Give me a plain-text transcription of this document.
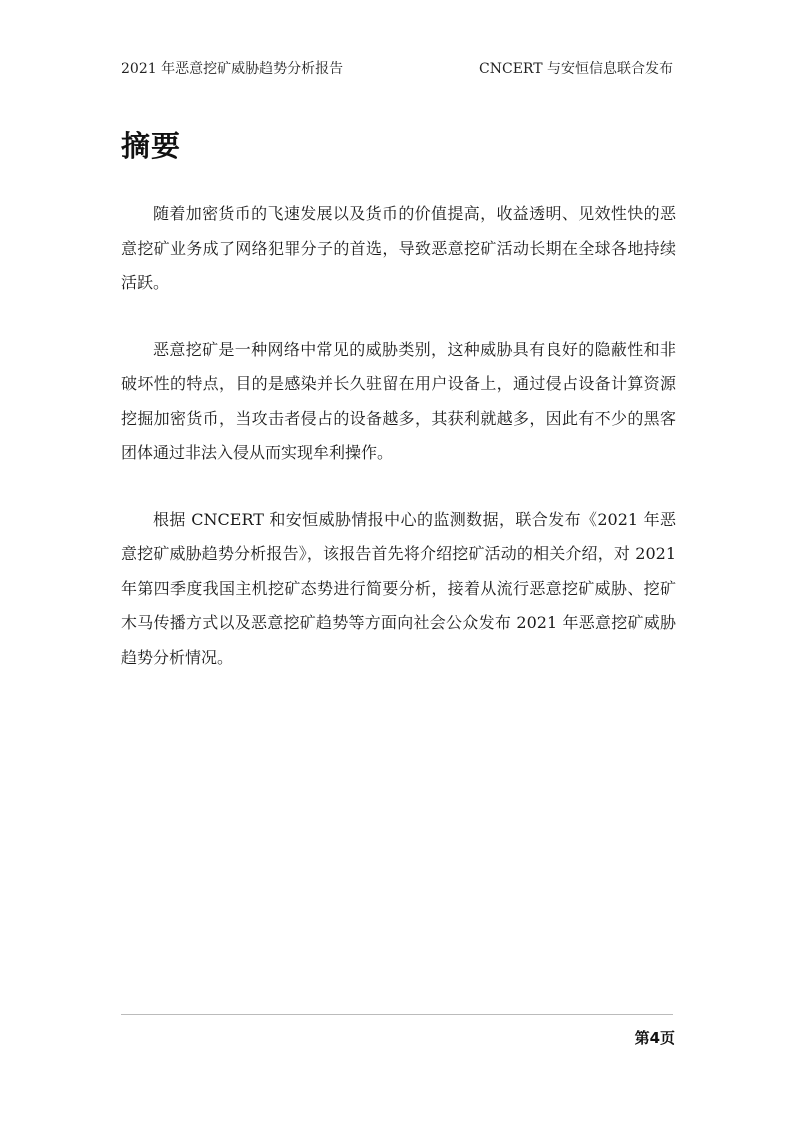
2021 年恶意挖矿威胁趋势分析报告	CNCERT 与安恒信息联合发布
摘要

随着加密货币的飞速发展以及货币的价值提高，收益透明、见效性快的恶意挖矿业务成了网络犯罪分子的首选，导致恶意挖矿活动长期在全球各地持续活跃。

恶意挖矿是一种网络中常见的威胁类别，这种威胁具有良好的隐蔽性和非破坏性的特点，目的是感染并长久驻留在用户设备上，通过侵占设备计算资源挖掘加密货币，当攻击者侵占的设备越多，其获利就越多，因此有不少的黑客团体通过非法入侵从而实现牟利操作。

根据 CNCERT 和安恒威胁情报中心的监测数据，联合发布《2021 年恶意挖矿威胁趋势分析报告》，该报告首先将介绍挖矿活动的相关介绍，对 2021 年第四季度我国主机挖矿态势进行简要分析，接着从流行恶意挖矿威胁、挖矿木马传播方式以及恶意挖矿趋势等方面向社会公众发布 2021 年恶意挖矿威胁趋势分析情况。

第4页
